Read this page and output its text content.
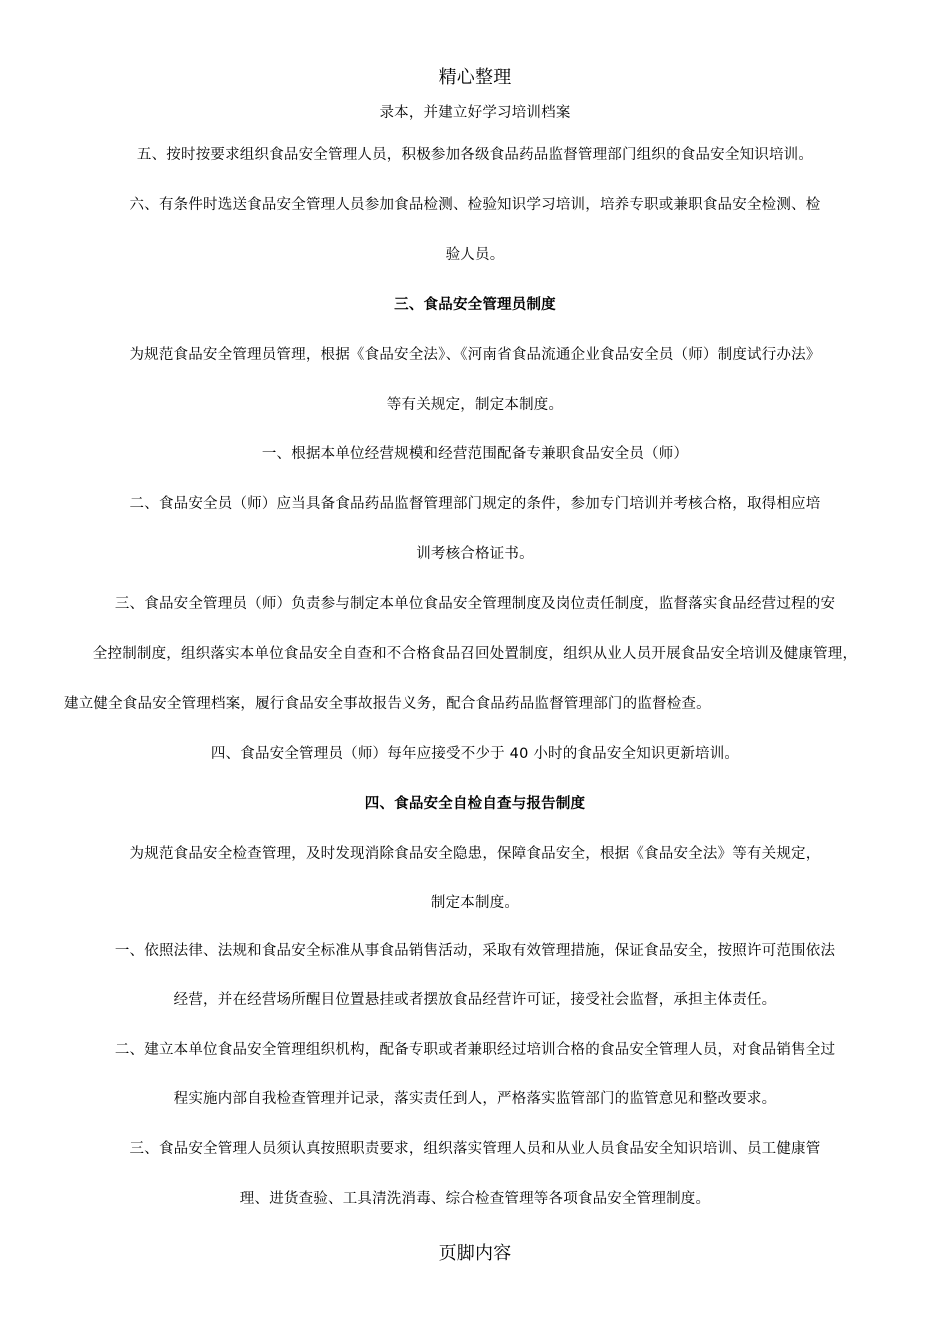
精心整理
录本，并建立好学习培训档案
五、按时按要求组织食品安全管理人员，积极参加各级食品药品监督管理部门组织的食品安全知识培训。
六、有条件时选送食品安全管理人员参加食品检测、检验知识学习培训，培养专职或兼职食品安全检测、检
验人员。
三、食品安全管理员制度
为规范食品安全管理员管理，根据《食品安全法》、《河南省食品流通企业食品安全员（师）制度试行办法》
等有关规定，制定本制度。
一、根据本单位经营规模和经营范围配备专兼职食品安全员（师）
二、食品安全员（师）应当具备食品药品监督管理部门规定的条件，参加专门培训并考核合格，取得相应培
训考核合格证书。
三、食品安全管理员（师）负责参与制定本单位食品安全管理制度及岗位责任制度，监督落实食品经营过程的安
全控制制度，组织落实本单位食品安全自查和不合格食品召回处置制度，组织从业人员开展食品安全培训及健康管理，
建立健全食品安全管理档案，履行食品安全事故报告义务，配合食品药品监督管理部门的监督检查。
四、食品安全管理员（师）每年应接受不少于 40 小时的食品安全知识更新培训。
四、食品安全自检自查与报告制度
为规范食品安全检查管理，及时发现消除食品安全隐患，保障食品安全，根据《食品安全法》等有关规定，
制定本制度。
一、依照法律、法规和食品安全标准从事食品销售活动，采取有效管理措施，保证食品安全，按照许可范围依法
经营，并在经营场所醒目位置悬挂或者摆放食品经营许可证，接受社会监督，承担主体责任。
二、建立本单位食品安全管理组织机构，配备专职或者兼职经过培训合格的食品安全管理人员，对食品销售全过
程实施内部自我检查管理并记录，落实责任到人，严格落实监管部门的监管意见和整改要求。
三、食品安全管理人员须认真按照职责要求，组织落实管理人员和从业人员食品安全知识培训、员工健康管
理、进货查验、工具清洗消毒、综合检查管理等各项食品安全管理制度。
页脚内容
